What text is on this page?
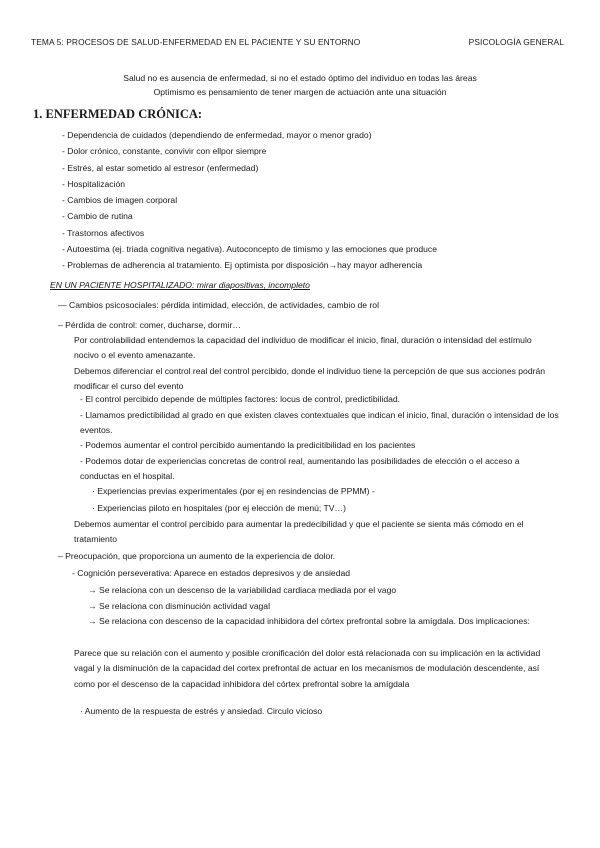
TEMA 5: PROCESOS DE SALUD-ENFERMEDAD EN EL PACIENTE Y SU ENTORNO	PSICOLOGÍA GENERAL
Salud no es ausencia de enfermedad, si no el estado óptimo del individuo en todas las áreas
Optimismo es pensamiento de tener margen de actuación ante una situación
1. ENFERMEDAD CRÓNICA:
- Dependencia de cuidados (dependiendo de enfermedad, mayor o menor grado)
- Dolor crónico, constante, convivir con ellpor siempre
- Estrés, al estar sometido al estresor (enfermedad)
- Hospitalización
- Cambios de imagen corporal
- Cambio de rutina
- Trastornos afectivos
- Autoestima (ej. triada cognitiva negativa). Autoconcepto de timismo y las emociones que produce
- Problemas de adherencia al tratamiento. Ej optimista por disposición→hay mayor adherencia
EN UN PACIENTE HOSPITALIZADO: mirar diapositivas, incompleto
— Cambios psicosociales: pérdida intimidad, elección, de actividades, cambio de rol
– Pérdida de control: comer, ducharse, dormir…
Por controlabilidad entendemos la capacidad del individuo de modificar el inicio, final, duración o intensidad del estímulo nocivo o el evento amenazante.
Debemos diferenciar el control real del control percibido, donde el individuo tiene la percepción de que sus acciones podrán modificar el curso del evento
- El control percibido depende de múltiples factores: locus de control, predictibilidad.
- Llamamos predictibilidad al grado en que existen claves contextuales que indican el inicio, final, duración o intensidad de los eventos.
- Podemos aumentar el control percibido aumentando la predicitibilidad en los pacientes
- Podemos dotar de experiencias concretas de control real, aumentando las posibilidades de elección o el acceso a conductas en el hospital.
· Experiencias previas experimentales (por ej en resindencias de PPMM) -
· Experiencias piloto en hospitales (por ej elección de menú; TV…)
Debemos aumentar el control percibido para aumentar la predecibilidad y que el paciente se sienta más cómodo en el tratamiento
– Preocupación, que proporciona un aumento de la experiencia de dolor.
- Cognición perseverativa: Aparece en estados depresivos y de ansiedad
→ Se relaciona con un descenso de la variabilidad cardiaca mediada por el vago
→ Se relaciona con disminución actividad vagal
→ Se relaciona con descenso de la capacidad inhibidora del córtex prefrontal sobre la amígdala. Dos implicaciones:
Parece que su relación con el aumento y posible cronificación del dolor está relacionada con su implicación en la actividad vagal y la disminución de la capacidad del cortex prefrontal de actuar en los mecanismos de modulación descendente, así como por el descenso de la capacidad inhibidora del córtex prefrontal sobre la amígdala
· Aumento de la respuesta de estrés y ansiedad. Circulo vicioso
